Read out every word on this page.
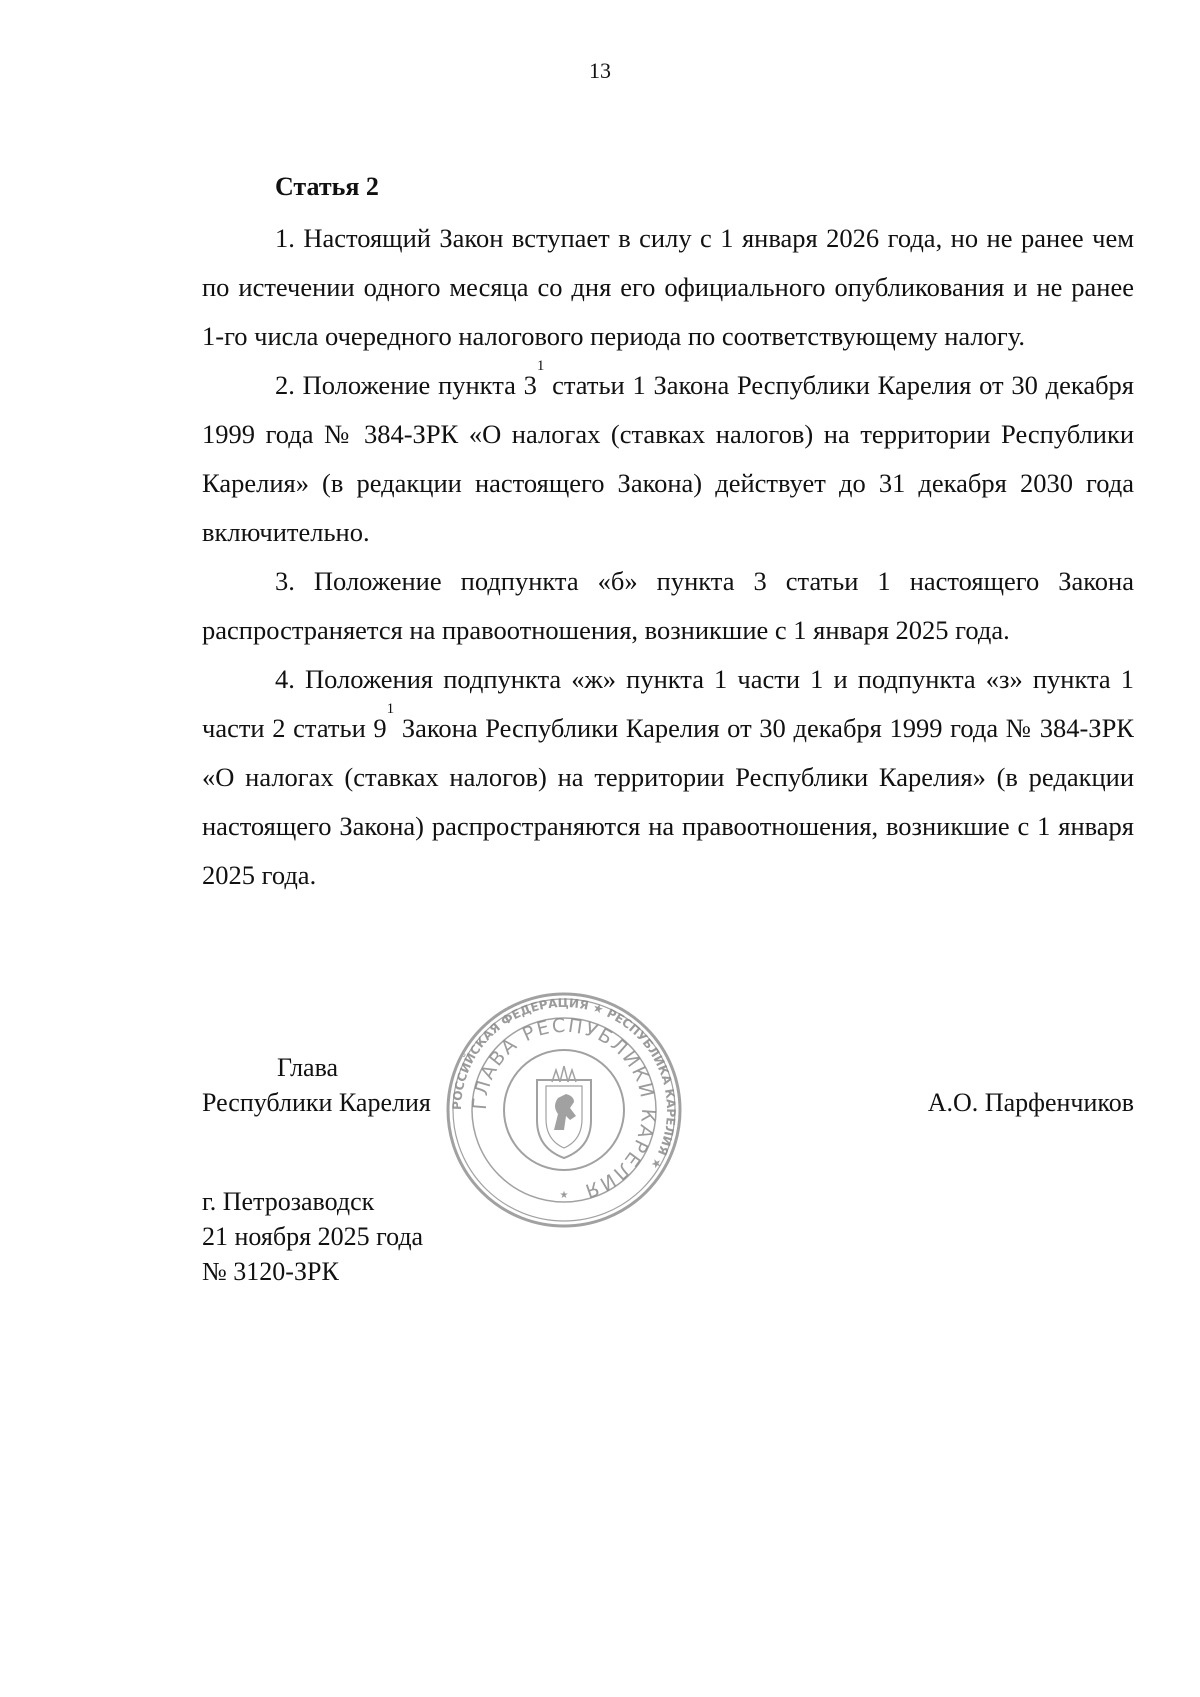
13
Статья 2

1. Настоящий Закон вступает в силу с 1 января 2026 года, но не ранее чем по истечении одного месяца со дня его официального опубликования и не ранее 1-го числа очередного налогового периода по соответствующему налогу.

2. Положение пункта $3^1$ статьи 1 Закона Республики Карелия от 30 декабря 1999 года № 384-ЗРК «О налогах (ставках налогов) на территории Республики Карелия» (в редакции настоящего Закона) действует до 31 декабря 2030 года включительно.

3. Положение подпункта «б» пункта 3 статьи 1 настоящего Закона распространяется на правоотношения, возникшие с 1 января 2025 года.

4. Положения подпункта «ж» пункта 1 части 1 и подпункта «з» пункта 1 части 2 статьи $9^1$ Закона Республики Карелия от 30 декабря 1999 года № 384-ЗРК «О налогах (ставках налогов) на территории Республики Карелия» (в редакции настоящего Закона) распространяются на правоотношения, возникшие с 1 января 2025 года.

Глава
Республики Карелия	А.О. Парфенчиков
РОССИЙСКАЯ ФЕДЕРАЦИЯ ★ РЕСПУБЛИКА КАРЕЛИЯ ★
ГЛАВА РЕСПУБЛИКИ КАРЕЛИЯ
★
г. Петрозаводск
21 ноября 2025 года
№ 3120-ЗРК
